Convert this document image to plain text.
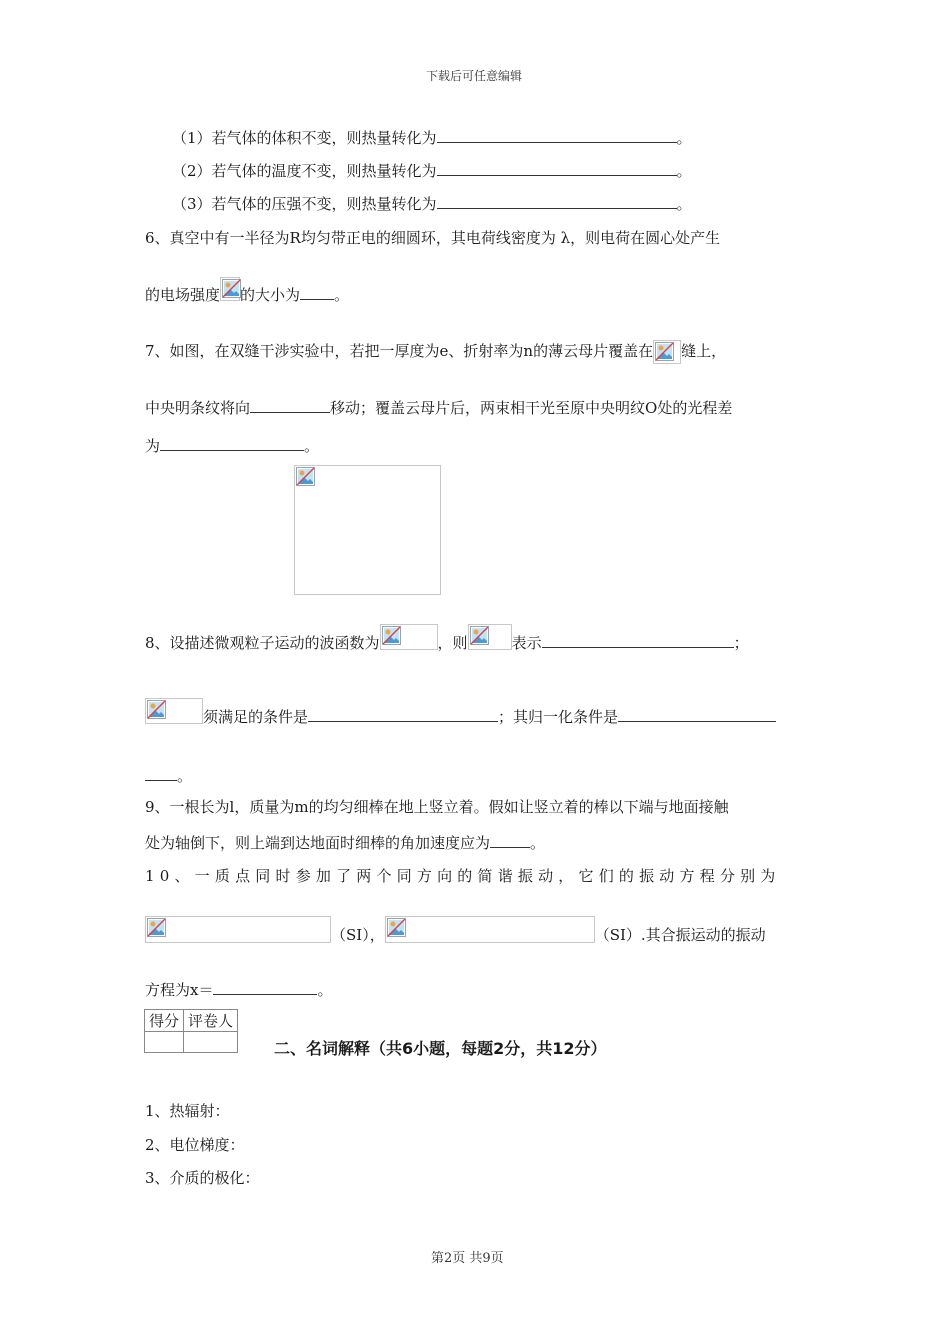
下载后可任意编辑
（1）若气体的体积不变，则热量转化为	。
（2）若气体的温度不变，则热量转化为	。
（3）若气体的压强不变，则热量转化为	。
6、真空中有一半径为R均匀带正电的细圆环，其电荷线密度为 λ，则电荷在圆心处产生
的电场强度 的大小为 。
7、如图，在双缝干涉实验中，若把一厚度为e、折射率为n的薄云母片覆盖在 缝上，
中央明条纹将向	移动；覆盖云母片后，两束相干光至原中央明纹O处的光程差
为	。
8、设描述微观粒子运动的波函数为	，则	表示	；
须满足的条件是	；其归一化条件是
。
9、一根长为l，质量为m的均匀细棒在地上竖立着。假如让竖立着的棒以下端与地面接触
处为轴倒下，则上端到达地面时细棒的角加速度应为	。
10、一质点同时参加了两个同方向的简谐振动，它们的振动方程分别为
（SI），	（SI）.其合振运动的振动
方程为x＝	。
得分	评卷人

二、名词解释（共6小题，每题2分，共12分）
1、热辐射：
2、电位梯度：
3、介质的极化：
第2页 共9页
